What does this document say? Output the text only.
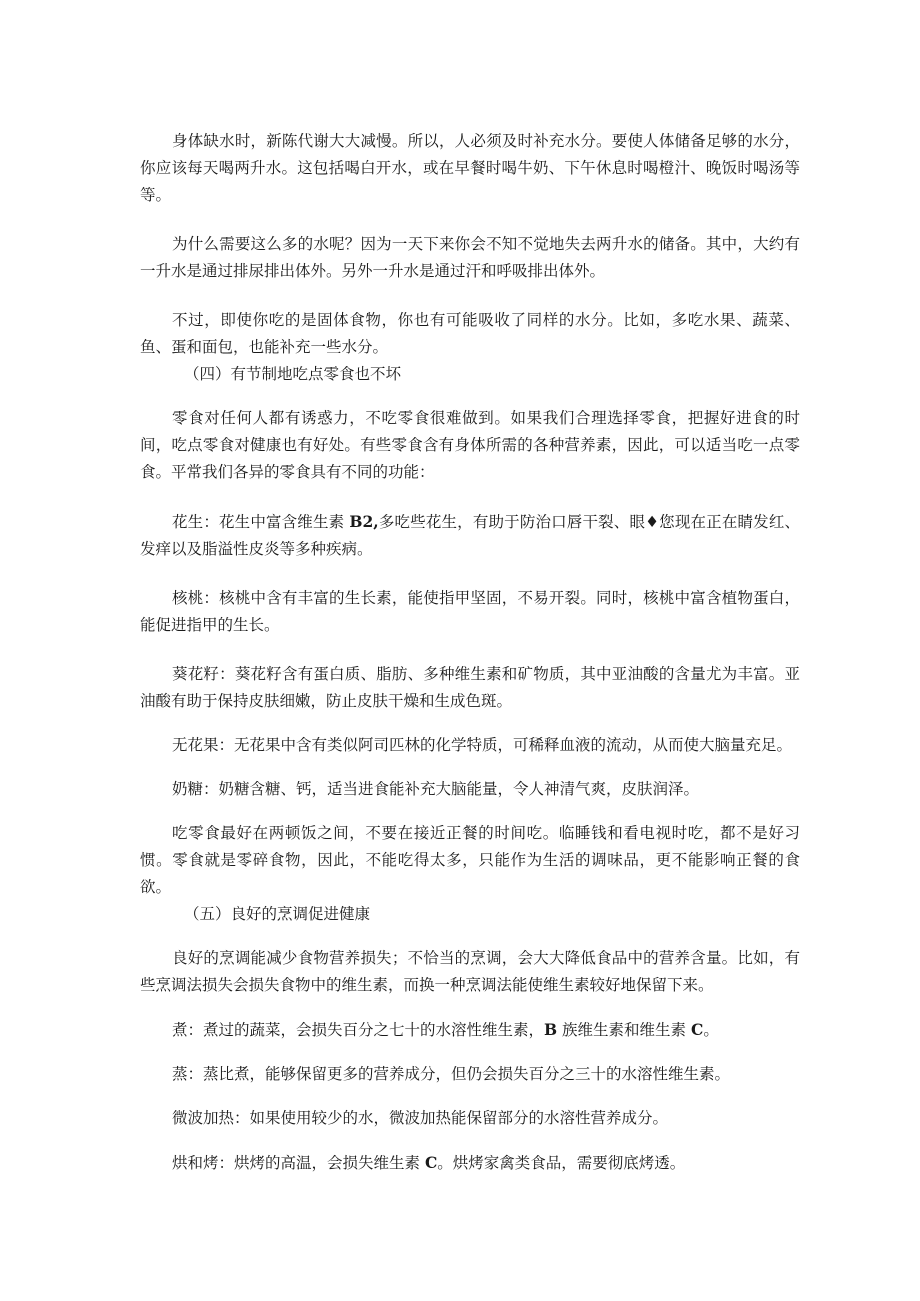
身体缺水时，新陈代谢大大减慢。所以，人必须及时补充水分。要使人体储备足够的水分，你应该每天喝两升水。这包括喝白开水，或在早餐时喝牛奶、下午休息时喝橙汁、晚饭时喝汤等等。

为什么需要这么多的水呢？因为一天下来你会不知不觉地失去两升水的储备。其中，大约有一升水是通过排尿排出体外。另外一升水是通过汗和呼吸排出体外。

不过，即使你吃的是固体食物，你也有可能吸收了同样的水分。比如，多吃水果、蔬菜、鱼、蛋和面包，也能补充一些水分。

（四）有节制地吃点零食也不坏

零食对任何人都有诱惑力，不吃零食很难做到。如果我们合理选择零食，把握好进食的时间，吃点零食对健康也有好处。有些零食含有身体所需的各种营养素，因此，可以适当吃一点零食。平常我们各异的零食具有不同的功能：

花生：花生中富含维生素 B2,多吃些花生，有助于防治口唇干裂、眼♦您现在正在睛发红、发痒以及脂溢性皮炎等多种疾病。

核桃：核桃中含有丰富的生长素，能使指甲坚固，不易开裂。同时，核桃中富含植物蛋白，能促进指甲的生长。

葵花籽：葵花籽含有蛋白质、脂肪、多种维生素和矿物质，其中亚油酸的含量尤为丰富。亚油酸有助于保持皮肤细嫩，防止皮肤干燥和生成色斑。

无花果：无花果中含有类似阿司匹林的化学特质，可稀释血液的流动，从而使大脑量充足。

奶糖：奶糖含糖、钙，适当进食能补充大脑能量，令人神清气爽，皮肤润泽。

吃零食最好在两顿饭之间，不要在接近正餐的时间吃。临睡钱和看电视时吃，都不是好习惯。零食就是零碎食物，因此，不能吃得太多，只能作为生活的调味品，更不能影响正餐的食欲。

（五）良好的烹调促进健康

良好的烹调能减少食物营养损失；不恰当的烹调，会大大降低食品中的营养含量。比如，有些烹调法损失会损失食物中的维生素，而换一种烹调法能使维生素较好地保留下来。

煮：煮过的蔬菜，会损失百分之七十的水溶性维生素，B 族维生素和维生素 C。

蒸：蒸比煮，能够保留更多的营养成分，但仍会损失百分之三十的水溶性维生素。

微波加热：如果使用较少的水，微波加热能保留部分的水溶性营养成分。

烘和烤：烘烤的高温，会损失维生素 C。烘烤家禽类食品，需要彻底烤透。
